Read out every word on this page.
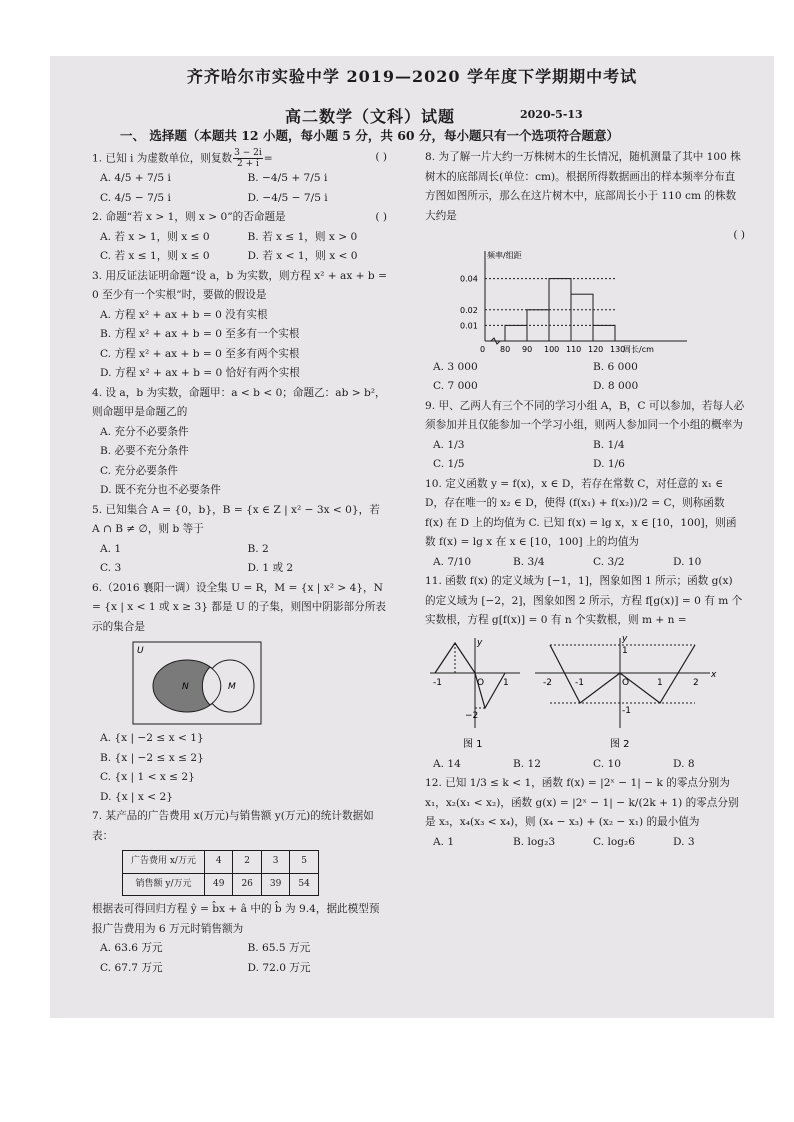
齐齐哈尔市实验中学 2019—2020 学年度下学期期中考试
高二数学（文科）试题	2020-5-13
一、 选择题（本题共 12 小题，每小题 5 分，共 60 分，每小题只有一个选项符合题意）
1. 已知 i 为虚数单位，则复数 $\frac{3 - 2i}{2 + i}$ =	( )
A. 4/5 + 7/5 i	B. −4/5 + 7/5 i
C. 4/5 − 7/5 i	D. −4/5 − 7/5 i
2. 命题“若 x > 1，则 x > 0”的否命题是	( )
A. 若 x > 1，则 x ≤ 0	B. 若 x ≤ 1，则 x > 0
C. 若 x ≤ 1，则 x ≤ 0	D. 若 x < 1，则 x < 0
3. 用反证法证明命题“设 a，b 为实数，则方程 x² + ax + b = 0 至少有一个实根”时，要做的假设是
A. 方程 x² + ax + b = 0 没有实根
B. 方程 x² + ax + b = 0 至多有一个实根
C. 方程 x² + ax + b = 0 至多有两个实根
D. 方程 x² + ax + b = 0 恰好有两个实根
4. 设 a，b 为实数，命题甲：a < b < 0；命题乙：ab > b²，则命题甲是命题乙的
A. 充分不必要条件
B. 必要不充分条件
C. 充分必要条件
D. 既不充分也不必要条件
5. 已知集合 A = {0，b}，B = {x ∈ Z | x² − 3x < 0}，若 A ∩ B ≠ ∅，则 b 等于
A. 1	B. 2
C. 3	D. 1 或 2
6.（2016 襄阳一调）设全集 U = R，M = {x | x² > 4}，N = {x | x < 1 或 x ≥ 3} 都是 U 的子集，则图中阴影部分所表示的集合是
U
N	M
A. {x | −2 ≤ x < 1}
B. {x | −2 ≤ x ≤ 2}
C. {x | 1 < x ≤ 2}
D. {x | x < 2}
7. 某产品的广告费用 x(万元)与销售额 y(万元)的统计数据如表：
广告费用 x/万元	4	2	3	5
销售额 y/万元	49	26	39	54
根据表可得回归方程 ŷ = b̂x + â 中的 b̂ 为 9.4，据此模型预报广告费用为 6 万元时销售额为
A. 63.6 万元	B. 65.5 万元
C. 67.7 万元	D. 72.0 万元
8. 为了解一片大约一万株树木的生长情况，随机测量了其中 100 株树木的底部周长(单位：cm)。根据所得数据画出的样本频率分布直方图如图所示，那么在这片树木中，底部周长小于 110 cm 的株数大约是
( )
0.01
0.02
0.04
0 80 90 100 110 120 130
周长/cm
频率/组距
A. 3 000	B. 6 000
C. 7 000	D. 8 000
9. 甲、乙两人有三个不同的学习小组 A，B，C 可以参加，若每人必须参加并且仅能参加一个学习小组，则两人参加同一个小组的概率为
A. 1/3	B. 1/4
C. 1/5	D. 1/6
10. 定义函数 y = f(x)，x ∈ D，若存在常数 C，对任意的 x₁ ∈ D，存在唯一的 x₂ ∈ D，使得 (f(x₁) + f(x₂))/2 = C，则称函数 f(x) 在 D 上的均值为 C. 已知 f(x) = lg x，x ∈ [10，100]，则函数 f(x) = lg x 在 x ∈ [10，100] 上的均值为
A. 7/10	B. 3/4	C. 3/2	D. 10
11. 函数 f(x) 的定义域为 [−1，1]，图象如图 1 所示；函数 g(x) 的定义域为 [−2，2]，图象如图 2 所示，方程 f[g(x)] = 0 有 m 个实数根，方程 g[f(x)] = 0 有 n 个实数根，则 m + n =
−2
-1	O 1
y
图 1
-2	-1	O	1	2
1
-1
y
x
图 2
A. 14	B. 12	C. 10	D. 8
12. 已知 1/3 ≤ k < 1，函数 f(x) = |2ˣ − 1| − k 的零点分别为 x₁，x₂(x₁ < x₂)，函数 g(x) = |2ˣ − 1| − k/(2k + 1) 的零点分别是 x₃，x₄(x₃ < x₄)，则 (x₄ − x₃) + (x₂ − x₁) 的最小值为
A. 1	B. log₂3	C. log₂6	D. 3
